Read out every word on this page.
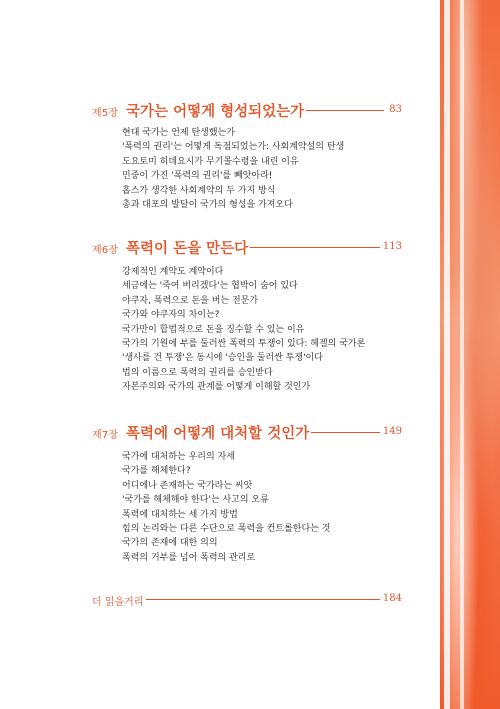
제5장 국가는 어떻게 형성되었는가	83
현대 국가는 언제 탄생했는가
'폭력의 권리'는 어떻게 독점되었는가: 사회계약설의 탄생
도요토미 히데요시가 무기몰수령을 내린 이유
민중이 가진 '폭력의 권리'를 빼앗아라!
홉스가 생각한 사회계약의 두 가지 방식
총과 대포의 발달이 국가의 형성을 가져오다
제6장 폭력이 돈을 만든다	113
강제적인 계약도 계약이다
세금에는 '죽여 버리겠다'는 협박이 숨어 있다
야쿠자, 폭력으로 돈을 버는 전문가
국가와 야쿠자의 차이는?
국가만이 합법적으로 돈을 징수할 수 있는 이유
국가의 기원에 부를 둘러싼 폭력의 투쟁이 있다: 헤겔의 국가론
'생사를 건 투쟁'은 동시에 '승인을 둘러싼 투쟁'이다
법의 이름으로 폭력의 권리를 승인받다
자본주의와 국가의 관계를 어떻게 이해할 것인가
제7장 폭력에 어떻게 대처할 것인가	149
국가에 대처하는 우리의 자세
국가를 해체한다?
어디에나 존재하는 국가라는 씨앗
'국가를 해체해야 한다'는 사고의 오류
폭력에 대처하는 세 가지 방법
힘의 논리와는 다른 수단으로 폭력을 컨트롤한다는 것
국가의 존재에 대한 의의
폭력의 거부를 넘어 폭력의 관리로
더 읽을거리	184
